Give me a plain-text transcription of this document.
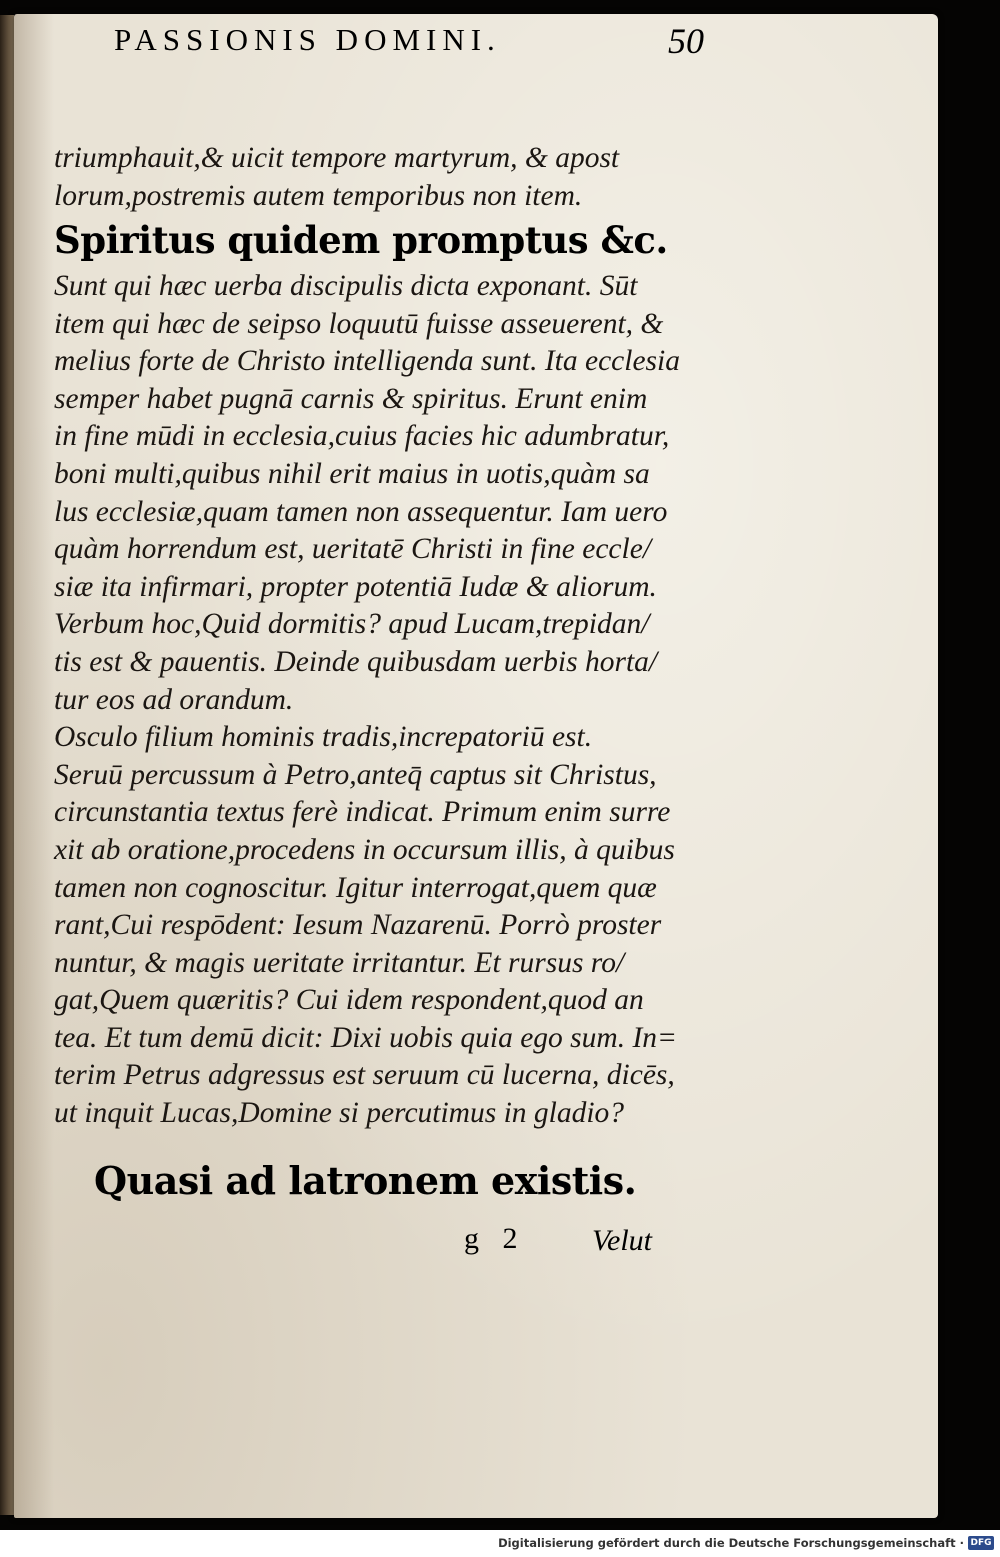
PASSIONIS DOMINI.	50
triumphauit,& uicit tempore martyrum, & apost
lorum,postremis autem temporibus non item.
Spiritus quidem promptus &c.
Sunt qui hæc uerba discipulis dicta exponant. Sūt
item qui hæc de seipso loquutū fuisse asseuerent, &
melius forte de Christo intelligenda sunt. Ita ecclesia
semper habet pugnā carnis & spiritus. Erunt enim
in fine mūdi in ecclesia,cuius facies hic adumbratur,
boni multi,quibus nihil erit maius in uotis,quàm sa
lus ecclesiæ,quam tamen non assequentur. Iam uero
quàm horrendum est, ueritatē Christi in fine eccle/
siæ ita infirmari, propter potentiā Iudæ & aliorum.
Verbum hoc,Quid dormitis? apud Lucam,trepidan/
tis est & pauentis. Deinde quibusdam uerbis horta/
tur eos ad orandum.
Osculo filium hominis tradis,increpatoriū est.
Seruū percussum à Petro,anteq̄ captus sit Christus,
circunstantia textus ferè indicat. Primum enim surre
xit ab oratione,procedens in occursum illis, à quibus
tamen non cognoscitur. Igitur interrogat,quem quæ
rant,Cui respōdent: Iesum Nazarenū. Porrò proster
nuntur, & magis ueritate irritantur. Et rursus ro/
gat,Quem quæritis? Cui idem respondent,quod an
tea. Et tum demū dicit: Dixi uobis quia ego sum. In=
terim Petrus adgressus est seruum cū lucerna, dicēs,
ut inquit Lucas,Domine si percutimus in gladio?
Quasi ad latronem existis.
g 2 Velut
Digitalisierung gefördert durch die Deutsche Forschungsgemeinschaft · DFG
